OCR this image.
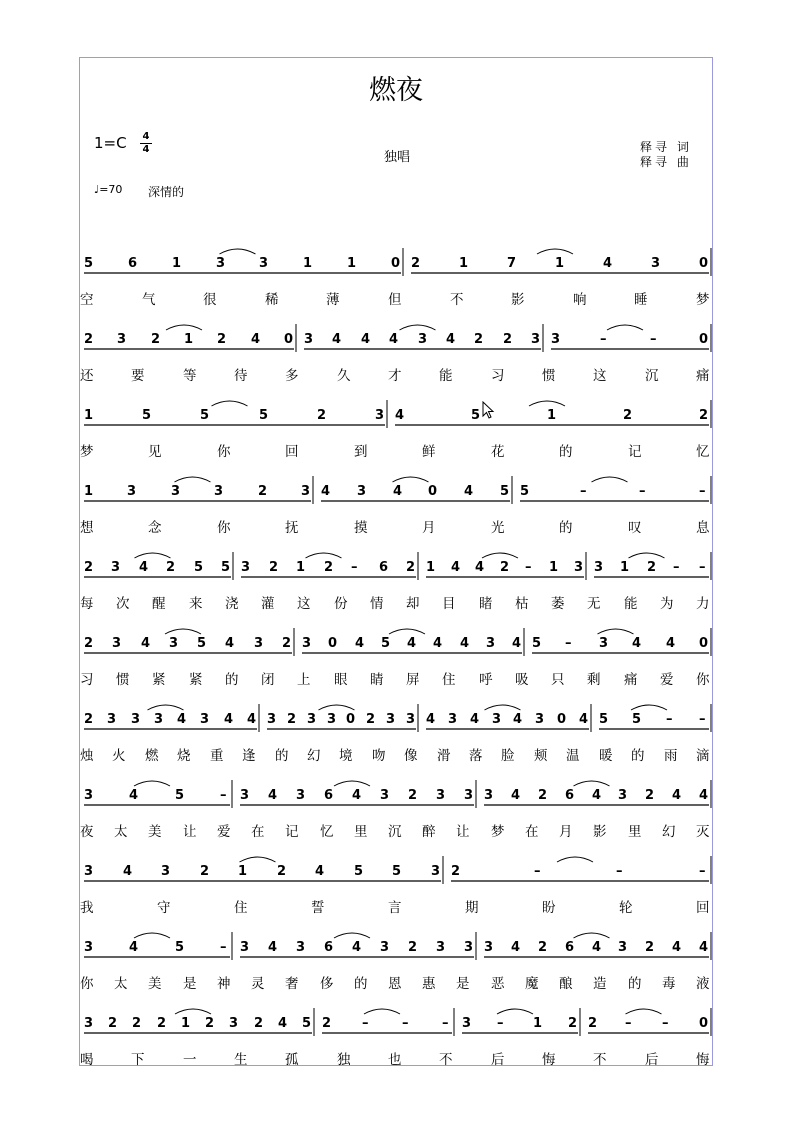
燃夜
1=C 4
4
独唱
释寻 词
释寻 曲
♩=70 深情的
5	6	1	3	3	1	1	0 2	1	7	1	4	3	0
空	气	很	稀	薄	但	不	影	响	睡	梦
2 3 2 1 2 4 0 3 4 4 4 3 4 2 2 3 3	–	–	0
还	要	等	待	多	久	才	能	习	惯	这	沉	痛
1	5	5	5	2	3 4	5	1	2	2
梦	见	你	回	到	鲜	花	的	记	忆
1	3	3	3	2	3 4 3 4 0 4 5 5	–	–	–
想	念	你	抚	摸	月	光	的	叹	息
2 3 4 2 5 5 3 2 1 2 – 6 2 1 4 4 2 – 1 3 3 1 2 – –
每 次 醒 来 浇 灌 这 份 情 却 目 睹 枯 萎 无 能 为 力
2 3 4 3 5 4 3 2 3 0 4 5 4 4 4 3 4 5 – 3 4 4 0
习 惯 紧 紧 的 闭 上 眼 睛 屏 住 呼 吸 只 剩 痛 爱 你
2 3 3 3 4 3 4 4 3 2 3 3 0 2 3 3 4 3 4 3 4 3 0 4 5 5 – –
烛 火 燃 烧 重 逢 的 幻 境 吻 像 滑 落 脸 颊 温 暖 的 雨 滴
3	4	5	– 3 4 3 6 4 3 2 3 3 3 4 2 6 4 3 2 4 4
夜 太 美 让 爱 在 记 忆 里 沉 醉 让 梦 在 月 影 里 幻 灭
3 4 3 2 1 2 4 5 5 3 2	–	–	–
我	守	住	誓	言	期	盼	轮	回
3	4	5	– 3 4 3 6 4 3 2 3 3 3 4 2 6 4 3 2 4 4
你 太 美 是 神 灵 奢 侈 的 恩 惠 是 恶 魔 酿 造 的 毒 液
3 2 2 2 1 2 3 2 4 5 2 –	–	– 3 – 1 2 2 – – 0
喝	下	一	生	孤	独	也	不	后	悔	不	后	悔
